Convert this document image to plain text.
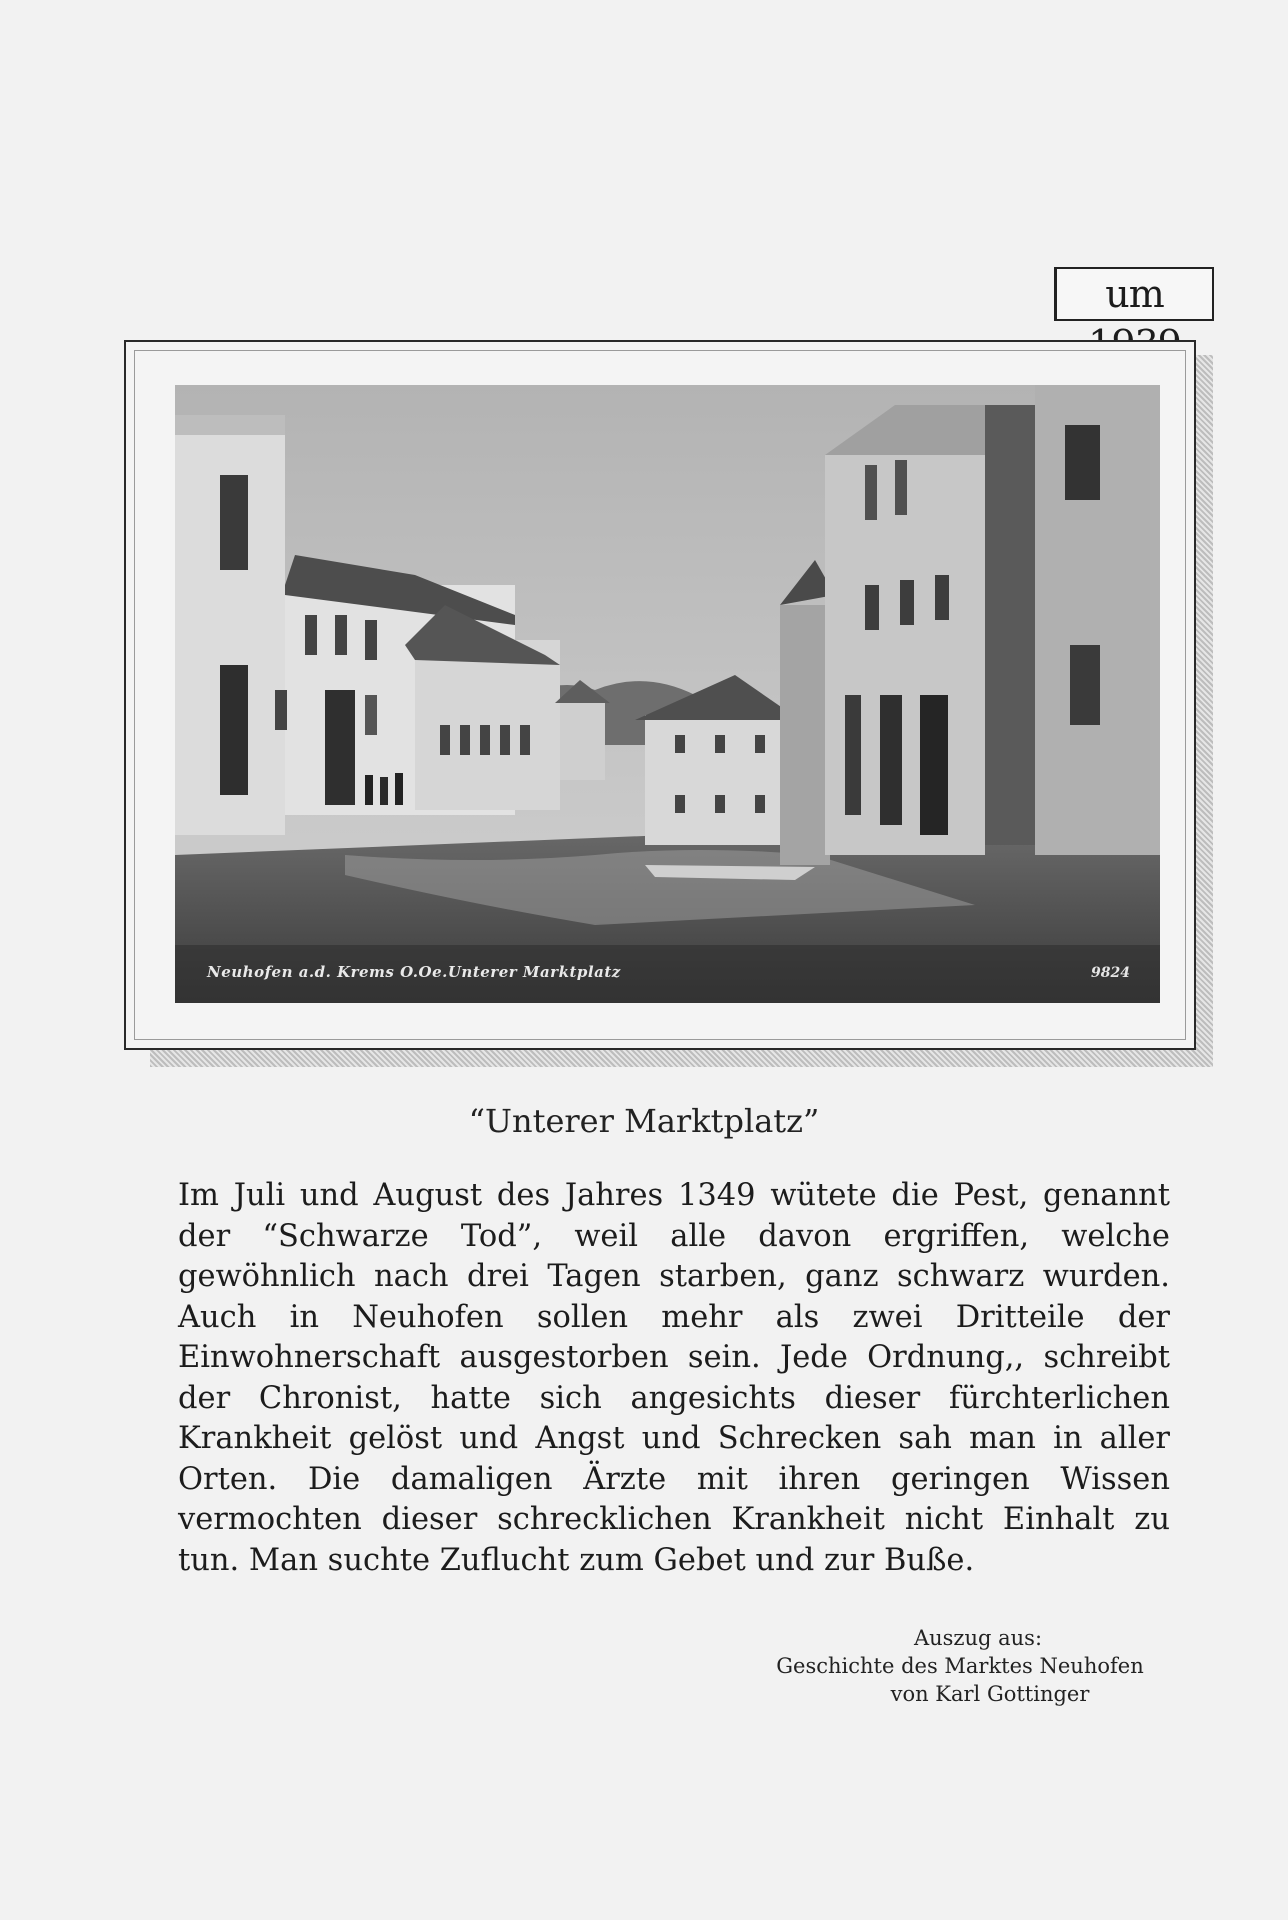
um
Neuhofen a.d. Krems O.Oe.Unterer Marktplatz	9824
“Unterer Marktplatz”

Im Juli und August des Jahres 1349 wütete die Pest, genannt der “Schwarze Tod”, weil alle davon ergriffen, welche gewöhnlich nach drei Tagen starben, ganz schwarz wurden. Auch in Neuhofen sollen mehr als zwei Dritteile der Einwohnerschaft ausgestorben sein. Jede Ordnung,, schreibt der Chronist, hatte sich angesichts dieser fürchterlichen Krankheit gelöst und Angst und Schrecken sah man in aller Orten. Die damaligen Ärzte mit ihren geringen Wissen vermochten dieser schrecklichen Krankheit nicht Einhalt zu tun. Man suchte Zuflucht zum Gebet und zur Buße.

Auszug aus:
Geschichte des Marktes Neuhofen
von Karl Gottinger
